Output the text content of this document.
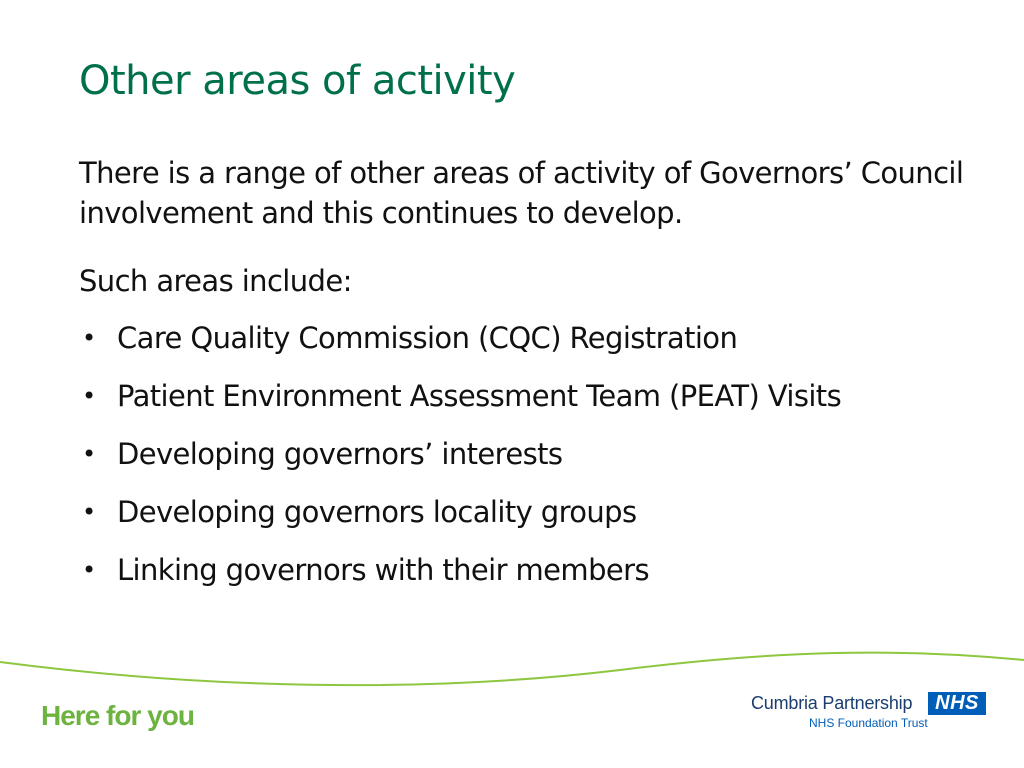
Other areas of activity

There is a range of other areas of activity of Governors’ Council involvement and this continues to develop.

Such areas include:

• Care Quality Commission (CQC) Registration
• Patient Environment Assessment Team (PEAT) Visits
• Developing governors’ interests
• Developing governors locality groups
• Linking governors with their members
Here for you	Cumbria Partnership	NHS
NHS Foundation Trust
